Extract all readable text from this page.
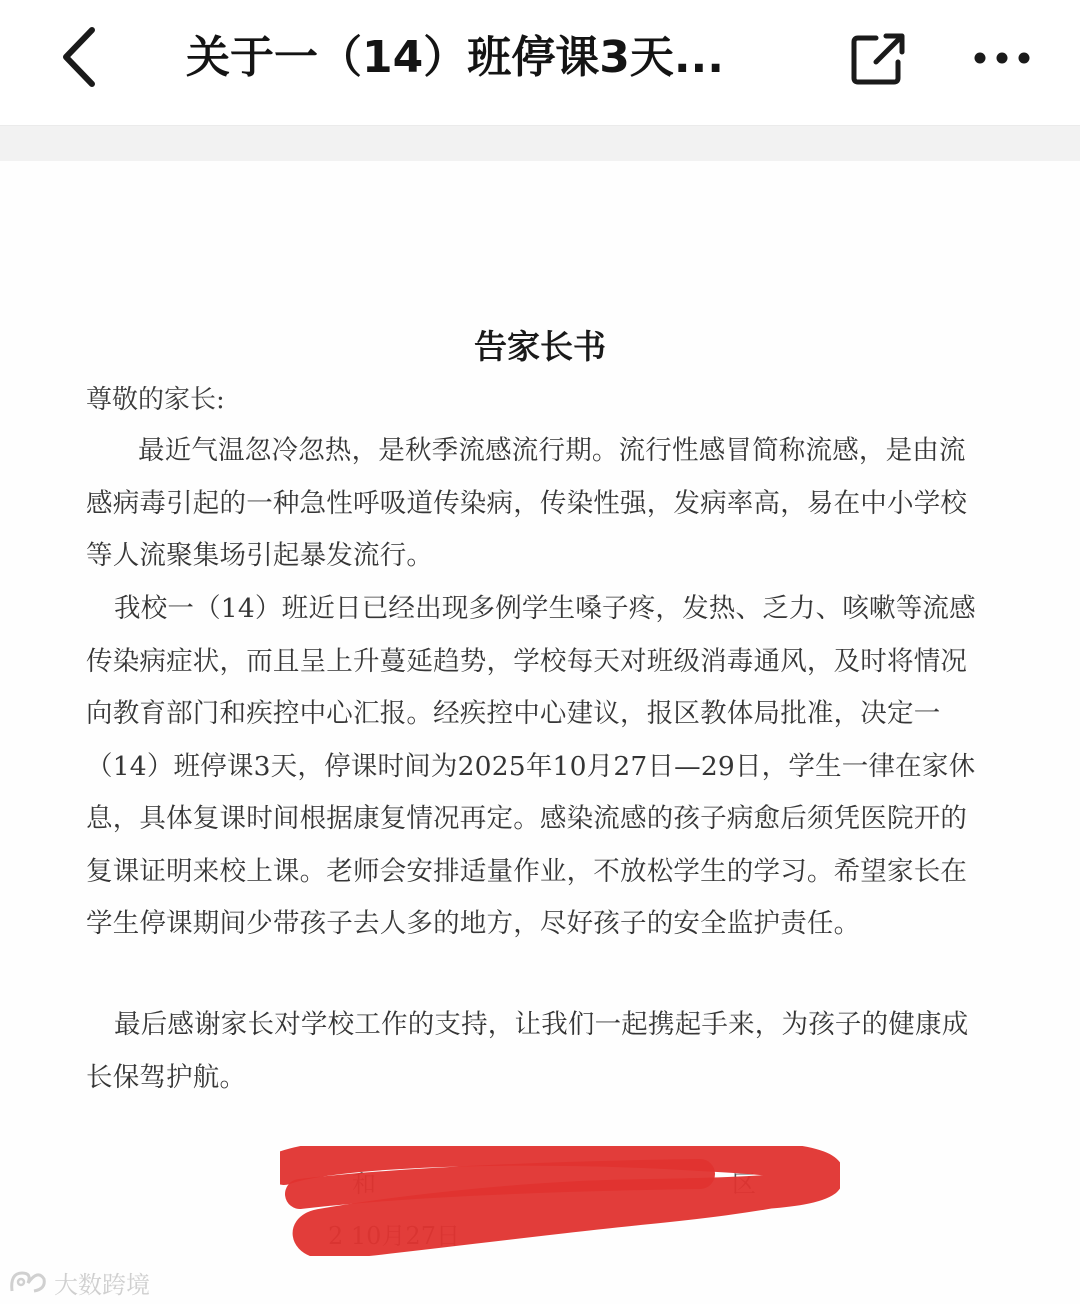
关于一（14）班停课3天...
告家长书
尊敬的家长:
最近气温忽冷忽热，是秋季流感流行期。流行性感冒简称流感，是由流感病毒引起的一种急性呼吸道传染病，传染性强，发病率高，易在中小学校等人流聚集场引起暴发流行。
我校一（14）班近日已经出现多例学生嗓子疼，发热、乏力、咳嗽等流感传染病症状，而且呈上升蔓延趋势，学校每天对班级消毒通风，及时将情况向教育部门和疾控中心汇报。经疾控中心建议，报区教体局批准，决定一（14）班停课3天，停课时间为2025年10月27日—29日，学生一律在家休息，具体复课时间根据康复情况再定。感染流感的孩子病愈后须凭医院开的复课证明来校上课。老师会安排适量作业，不放松学生的学习。希望家长在学生停课期间少带孩子去人多的地方，尽好孩子的安全监护责任。
最后感谢家长对学校工作的支持，让我们一起携起手来，为孩子的健康成长保驾护航。
和	区
2 10月27日
大数跨境
